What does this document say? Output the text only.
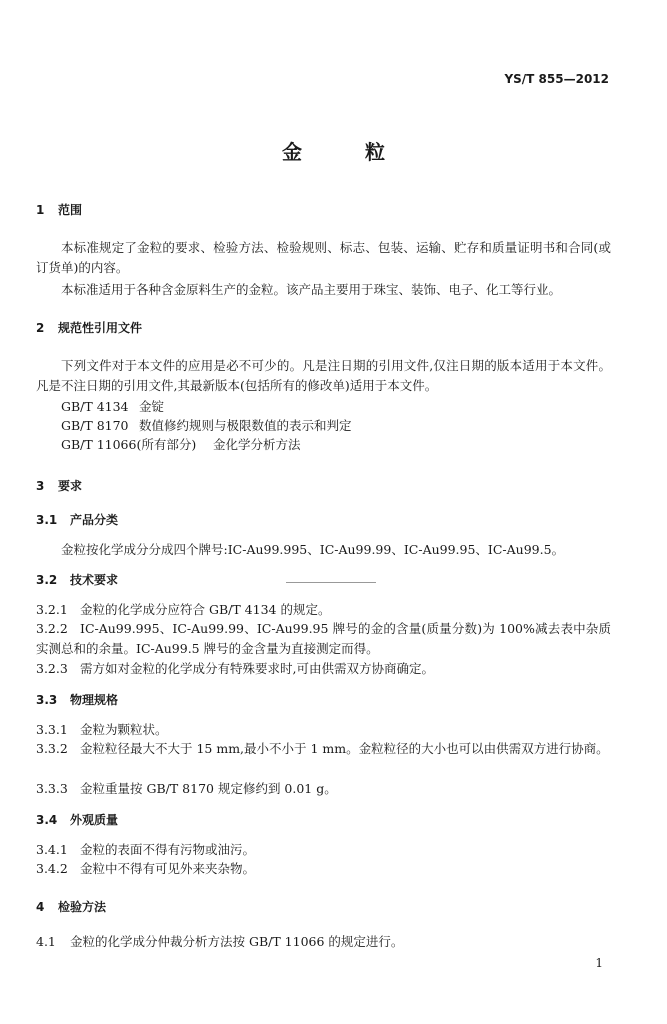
YS/T 855—2012
金 粒
1 范围
本标准规定了金粒的要求、检验方法、检验规则、标志、包装、运输、贮存和质量证明书和合同(或订货单)的内容。
本标准适用于各种含金原料生产的金粒。该产品主要用于珠宝、装饰、电子、化工等行业。
2 规范性引用文件
下列文件对于本文件的应用是必不可少的。凡是注日期的引用文件,仅注日期的版本适用于本文件。凡是不注日期的引用文件,其最新版本(包括所有的修改单)适用于本文件。
GB/T 4134 金锭
GB/T 8170 数值修约规则与极限数值的表示和判定
GB/T 11066(所有部分) 金化学分析方法
3 要求
3.1 产品分类
金粒按化学成分分成四个牌号:IC-Au99.995、IC-Au99.99、IC-Au99.95、IC-Au99.5。
3.2 技术要求
3.2.1 金粒的化学成分应符合 GB/T 4134 的规定。
3.2.2 IC-Au99.995、IC-Au99.99、IC-Au99.95 牌号的金的含量(质量分数)为 100%减去表中杂质实测总和的余量。IC-Au99.5 牌号的金含量为直接测定而得。
3.2.3 需方如对金粒的化学成分有特殊要求时,可由供需双方协商确定。
3.3 物理规格
3.3.1 金粒为颗粒状。
3.3.2 金粒粒径最大不大于 15 mm,最小不小于 1 mm。金粒粒径的大小也可以由供需双方进行协商。
3.3.3 金粒重量按 GB/T 8170 规定修约到 0.01 g。
3.4 外观质量
3.4.1 金粒的表面不得有污物或油污。
3.4.2 金粒中不得有可见外来夹杂物。
4 检验方法
4.1 金粒的化学成分仲裁分析方法按 GB/T 11066 的规定进行。
1
